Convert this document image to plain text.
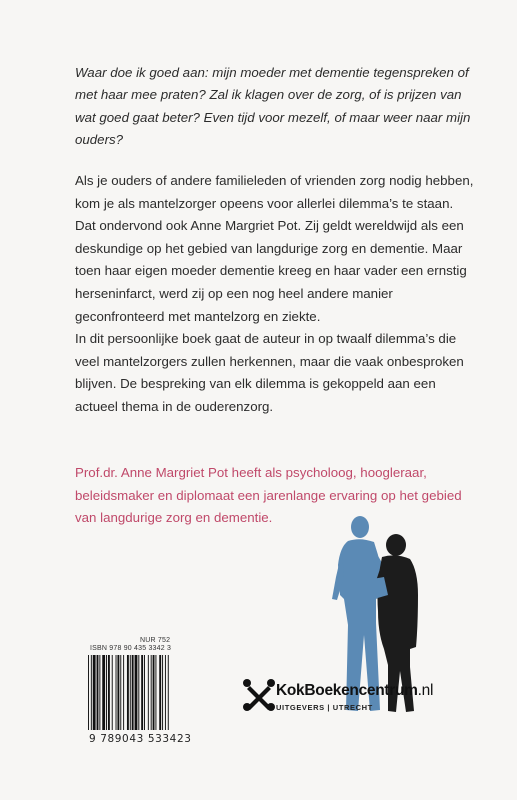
Waar doe ik goed aan: mijn moeder met dementie tegenspreken of met haar mee praten? Zal ik klagen over de zorg, of is prijzen van wat goed gaat beter? Even tijd voor mezelf, of maar weer naar mijn ouders?

Als je ouders of andere familieleden of vrienden zorg nodig hebben, kom je als mantelzorger opeens voor allerlei dilemma’s te staan. Dat ondervond ook Anne Margriet Pot. Zij geldt wereldwijd als een deskundige op het gebied van langdurige zorg en dementie. Maar toen haar eigen moeder dementie kreeg en haar vader een ernstig herseninfarct, werd zij op een nog heel andere manier geconfronteerd met mantelzorg en ziekte.

In dit persoonlijke boek gaat de auteur in op twaalf dilemma’s die veel mantelzorgers zullen herkennen, maar die vaak onbesproken blijven. De bespreking van elk dilemma is gekoppeld aan een actueel thema in de ouderenzorg.

Prof.dr. Anne Margriet Pot heeft als psycholoog, hoogleraar, beleidsmaker en diplomaat een jarenlange ervaring op het gebied van langdurige zorg en dementie.
NUR 752
ISBN 978 90 435 3342 3
9 789043 533423
KokBoekencentrum.nl
UITGEVERS | UTRECHT
